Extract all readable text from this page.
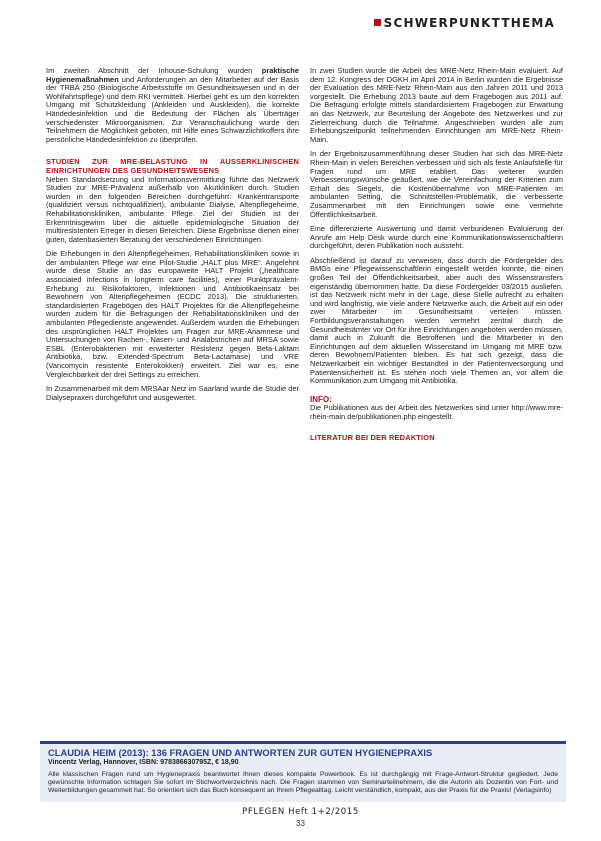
SCHWERPUNKTTHEMA

Im zweiten Abschnitt der Inhouse-Schulung wurden praktische Hygienemaßnahmen und Anforderungen an den Mitarbeiter auf der Basis der TRBA 250 (Biologische Arbeitsstoffe im Gesundheitswesen und in der Wohlfahrtspflege) und dem RKI vermittelt. Hierbei geht es um den korrekten Umgang mit Schutzkleidung (Ankleiden und Auskleiden), die korrekte Händedesinfektion und die Bedeutung der Flächen als Überträger verschiedenster Mikroorganismen. Zur Veranschaulichung wurde den Teilnehmern die Möglichkeit geboten, mit Hilfe eines Schwarzlichtkoffers ihre persönliche Händedesinfektion zu überprüfen.

STUDIEN ZUR MRE-BELASTUNG IN AUSSERKLINISCHEN EINRICHTUNGEN DES GESUNDHEITSWESENS

Neben Standardsetzung und Informationsvermittlung führte das Netzwerk Studien zur MRE-Prävalenz außerhalb von Akutkliniken durch. Studien wurden in den folgenden Bereichen durchgeführt: Krankentransporte (qualifiziert versus nichtqualifiziert), ambulante Dialyse, Altenpflegeheime, Rehabilitationskliniken, ambulante Pflege. Ziel der Studien ist der Erkenntnisgewinn über die aktuelle epidemiologische Situation der multiresistenten Erreger in diesen Bereichen. Diese Ergebnisse dienen einer guten, datenbasierten Beratung der verschiedenen Einrichtungen.

Die Erhebungen in den Altenpflegeheimen, Rehabilitationskliniken sowie in der ambulanten Pflege war eine Pilot-Studie „HALT plus MRE“. Angelehnt wurde diese Studie an das europaweite HALT Projekt („healthcare associated infections in longterm care facilities), einer Punktprävalent-Erhebung zu Risikofaktoren, Infektionen und Antibiotikaeinsatz bei Bewohnern von Altenpflegeheimen (ECDC 2013). Die strukturierten, standardisierten Fragebögen des HALT Projektes für die Altenpflegeheime wurden zudem für die Befragungen der Rehabilitationskliniken und der ambulanten Pflegedienste angewendet. Außerdem wurden die Erhebungen des ursprünglichen HALT Projektes um Fragen zur MRE-Anamnese und Untersuchungen von Rachen-, Nasen- und Analabstrichen auf MRSA sowie ESBL (Enterobakterien mit erweiterter Resistenz gegen Beta-Laktam Antibiotika, bzw. Extended-Spectrum Beta-Lactamase) und VRE (Vancomycin resistente Enterokokken) erweitert. Ziel war es, eine Vergleichbarkeit der drei Settings zu erreichen.

In Zusammenarbeit mit dem MRSAar Netz im Saarland wurde die Studie der Dialysepraxen durchgeführt und ausgewertet.

In zwei Studien wurde die Arbeit des MRE-Netz Rhein-Main evaluiert. Auf dem 12. Kongress der DGKH im April 2014 in Berlin wurden die Ergebnisse der Evaluation des MRE-Netz Rhein-Main aus den Jahren 2011 und 2013 vorgestellt. Die Erhebung 2013 baute auf dem Fragebogen aus 2011 auf. Die Befragung erfolgte mittels standardisiertem Fragebogen zur Erwartung an das Netzwerk, zur Beurteilung der Angebote des Netzwerkes und zur Zielerreichung durch die Teilnahme. Angeschrieben wurden alle zum Erhebungszeitpunkt teilnehmenden Einrichtungen am MRE-Netz Rhein-Main.

In der Ergebniszusammenführung dieser Studien hat sich das MRE-Netz Rhein-Main in vielen Bereichen verbessert und sich als feste Anlaufstelle für Fragen rund um MRE etabliert. Das weiterer wurden Verbesserungswünsche geäußert, wie die Vereinfachung der Kriterien zum Erhalt des Siegels, die Kostenübernahme von MRE-Patienten im ambulanten Setting, die Schnittstellen-Problematik, die verbesserte Zusammenarbeit mit den Einrichtungen sowie eine vermehrte Öffentlichkeitsarbeit.

Eine differenzierte Auswertung und damit verbundenen Evaluierung der Anrufe am Help Desk wurde durch eine Kommunikationswissenschaftlerin durchgeführt, deren Publikation noch aussteht.

Abschließend ist darauf zu verweisen, dass durch die Fördergelder des BMGs eine Pflegewissenschaftlerin eingestellt werden konnte, die einen großen Teil der Öffentlichkeitsarbeit, aber auch des Wissenstransfers eigenständig übernommen hatte. Da diese Fördergelder 03/2015 ausliefen, ist das Netzwerk nicht mehr in der Lage, diese Stelle aufrecht zu erhalten und wird langfristig, wie viele andere Netzwerke auch, die Arbeit auf ein oder zwei Mitarbeiter im Gesundheitsamt verteilen müssen. Fortbildungsveranstaltungen werden vermehrt zentral durch die Gesundheitsämter vor Ort für ihre Einrichtungen angeboten werden müssen, damit auch in Zukunft die Betroffenen und die Mitarbeiter in den Einrichtungen auf dem aktuellen Wissenstand im Umgang mit MRE bzw. deren Bewohnern/Patienten bleiben. Es hat sich gezeigt, dass die Netzwerkarbeit ein wichtiger Bestandteil in der Patientenversorgung und Patientensicherheit ist. Es stehen noch viele Themen an, vor allem die Kommunikation zum Umgang mit Antibiotika.

INFO:

Die Publikationen aus der Arbeit des Netzwerkes sind unter http://www.mre-rhein-main.de/publikationen.php eingestellt.

LITERATUR BEI DER REDAKTION
CLAUDIA HEIM (2013): 136 FRAGEN UND ANTWORTEN ZUR GUTEN HYGIENEPRAXIS
Vincentz Verlag, Hannover, ISBN: 978386630795Z, € 18,90
Alle klassischen Fragen rund um Hygienepraxis beantwortet Ihnen dieses kompakte Powerbook. Es ist durchgängig mit Frage-Antwort-Struktur gegliedert. Jede gewünschte Information schlagen Sie sofort im Stichwortverzeichnis nach. Die Fragen stammen von Seminarteilnehmern, die die Autorin als Dozentin von Fort- und Weiterbildungen gesammelt hat. So orientiert sich das Buch konsequent an Ihrem Pflegealltag. Leicht verständlich, kompakt, aus der Praxis für die Praxis! (Verlagsinfo)
PFLEGEN Heft 1+2/2015
33
